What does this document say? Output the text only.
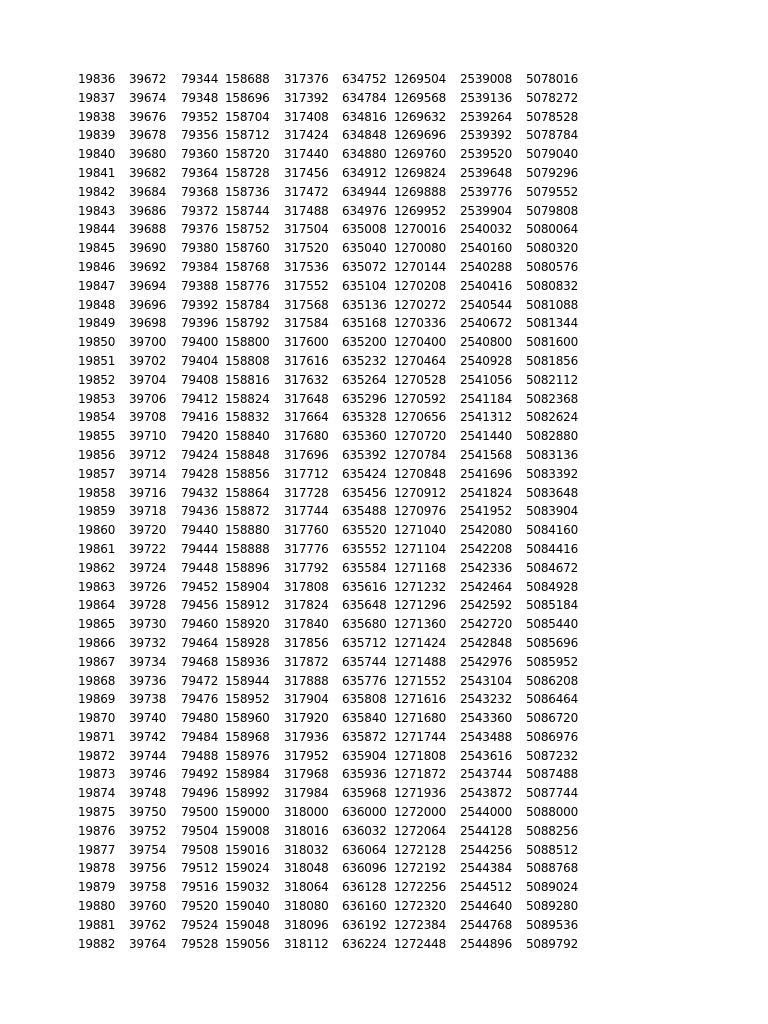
19836	39672	79344	158688	317376	634752	1269504	2539008	5078016
19837	39674	79348	158696	317392	634784	1269568	2539136	5078272
19838	39676	79352	158704	317408	634816	1269632	2539264	5078528
19839	39678	79356	158712	317424	634848	1269696	2539392	5078784
19840	39680	79360	158720	317440	634880	1269760	2539520	5079040
19841	39682	79364	158728	317456	634912	1269824	2539648	5079296
19842	39684	79368	158736	317472	634944	1269888	2539776	5079552
19843	39686	79372	158744	317488	634976	1269952	2539904	5079808
19844	39688	79376	158752	317504	635008	1270016	2540032	5080064
19845	39690	79380	158760	317520	635040	1270080	2540160	5080320
19846	39692	79384	158768	317536	635072	1270144	2540288	5080576
19847	39694	79388	158776	317552	635104	1270208	2540416	5080832
19848	39696	79392	158784	317568	635136	1270272	2540544	5081088
19849	39698	79396	158792	317584	635168	1270336	2540672	5081344
19850	39700	79400	158800	317600	635200	1270400	2540800	5081600
19851	39702	79404	158808	317616	635232	1270464	2540928	5081856
19852	39704	79408	158816	317632	635264	1270528	2541056	5082112
19853	39706	79412	158824	317648	635296	1270592	2541184	5082368
19854	39708	79416	158832	317664	635328	1270656	2541312	5082624
19855	39710	79420	158840	317680	635360	1270720	2541440	5082880
19856	39712	79424	158848	317696	635392	1270784	2541568	5083136
19857	39714	79428	158856	317712	635424	1270848	2541696	5083392
19858	39716	79432	158864	317728	635456	1270912	2541824	5083648
19859	39718	79436	158872	317744	635488	1270976	2541952	5083904
19860	39720	79440	158880	317760	635520	1271040	2542080	5084160
19861	39722	79444	158888	317776	635552	1271104	2542208	5084416
19862	39724	79448	158896	317792	635584	1271168	2542336	5084672
19863	39726	79452	158904	317808	635616	1271232	2542464	5084928
19864	39728	79456	158912	317824	635648	1271296	2542592	5085184
19865	39730	79460	158920	317840	635680	1271360	2542720	5085440
19866	39732	79464	158928	317856	635712	1271424	2542848	5085696
19867	39734	79468	158936	317872	635744	1271488	2542976	5085952
19868	39736	79472	158944	317888	635776	1271552	2543104	5086208
19869	39738	79476	158952	317904	635808	1271616	2543232	5086464
19870	39740	79480	158960	317920	635840	1271680	2543360	5086720
19871	39742	79484	158968	317936	635872	1271744	2543488	5086976
19872	39744	79488	158976	317952	635904	1271808	2543616	5087232
19873	39746	79492	158984	317968	635936	1271872	2543744	5087488
19874	39748	79496	158992	317984	635968	1271936	2543872	5087744
19875	39750	79500	159000	318000	636000	1272000	2544000	5088000
19876	39752	79504	159008	318016	636032	1272064	2544128	5088256
19877	39754	79508	159016	318032	636064	1272128	2544256	5088512
19878	39756	79512	159024	318048	636096	1272192	2544384	5088768
19879	39758	79516	159032	318064	636128	1272256	2544512	5089024
19880	39760	79520	159040	318080	636160	1272320	2544640	5089280
19881	39762	79524	159048	318096	636192	1272384	2544768	5089536
19882	39764	79528	159056	318112	636224	1272448	2544896	5089792
